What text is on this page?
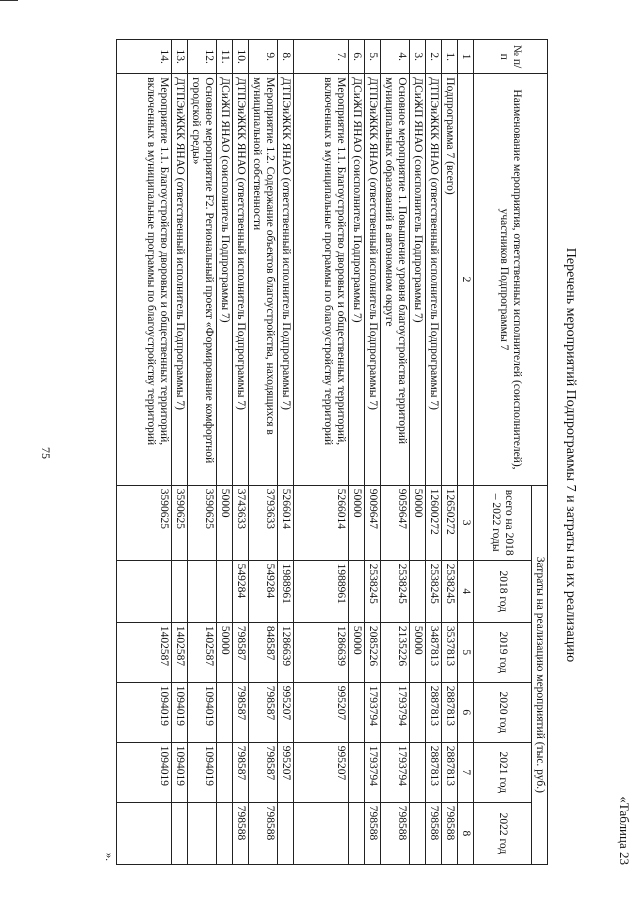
75
«Таблица 23
Перечень мероприятий Подпрограммы 7 и затраты на их реализацию
№ п/п	Наименование мероприятия, ответственных исполнителей (соисполнителей), участников Подпрограммы 7	Затраты на реализацию мероприятий (тыс. руб.)					
		всего на 2018 – 2022 годы	2018 год	2019 год	2020 год	2021 год	2022 год
1	2	3	4	5	6	7	8
1.	Подпрограмма 7 (всего)	12650272	2538245	3537813	2887813	2887813	798588
2.	ДТПЭиЖКК ЯНАО (ответственный исполнитель Подпрограммы 7)	12600272	2538245	3487813	2887813	2887813	798588
3.	ДСиЖП ЯНАО (соисполнитель Подпрограммы 7)	50000		50000			
4.	Основное мероприятие 1. Повышение уровня благоустройства территорий муниципальных образований в автономном округе	9059647	2538245	2135226	1793794	1793794	798588
5.	ДТПЭиЖКК ЯНАО (ответственный исполнитель Подпрограммы 7)	9009647	2538245	2085226	1793794	1793794	798588
6.	ДСиЖП ЯНАО (соисполнитель Подпрограммы 7)	50000		50000			
7.	Мероприятие 1.1. Благоустройство дворовых и общественных территорий, включенных в муниципальные программы по благоустройству территорий	5266014	1988961	1286639	995207	995207	
8.	ДТПЭиЖКК ЯНАО (ответственный исполнитель Подпрограммы 7)	5266014	1988961	1286639	995207	995207	
9.	Мероприятие 1.2. Содержание объектов благоустройства, находящихся в муниципальной собственности	3793633	549284	848587	798587	798587	798588
10.	ДТПЭиЖКК ЯНАО (ответственный исполнитель Подпрограммы 7)	3743633	549284	798587	798587	798587	798588
11.	ДСиЖП ЯНАО (соисполнитель Подпрограммы 7)	50000		50000			
12.	Основное мероприятие F2. Региональный проект «Формирование комфортной городской среды»	3590625		1402587	1094019	1094019	
13.	ДТПЭиЖКК ЯНАО (ответственный исполнитель Подпрограммы 7)	3590625		1402587	1094019	1094019	
14.	Мероприятие 1.1. Благоустройство дворовых и общественных территорий, включенных в муниципальные программы по благоустройству территорий	3590625		1402587	1094019	1094019	
».
